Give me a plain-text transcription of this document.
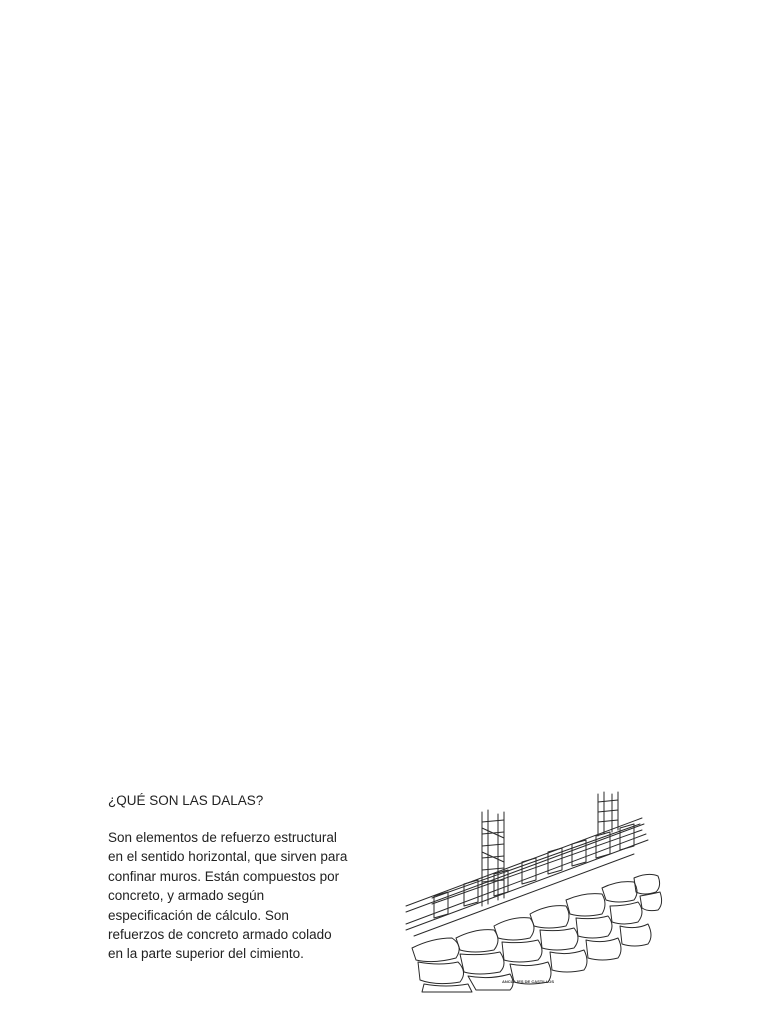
¿QUÉ SON LAS DALAS?

Son elementos de refuerzo estructural
en el sentido horizontal, que sirven para
confinar muros. Están compuestos por
concreto, y armado según
especificación de cálculo. Son
refuerzos de concreto armado colado
en la parte superior del cimiento.

ANCLAJES DE CASTILLOS
